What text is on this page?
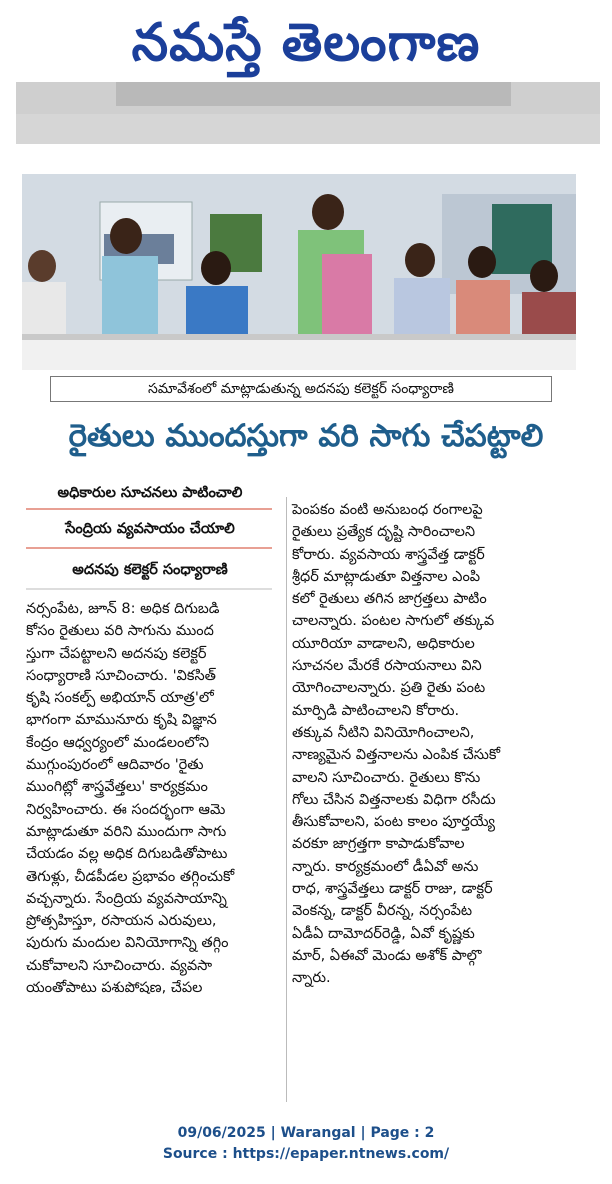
నమస్తే తెలంగాణ
సమావేశంలో మాట్లాడుతున్న అదనపు కలెక్టర్ సంధ్యారాణి
రైతులు ముందస్తుగా వరి సాగు చేపట్టాలి
అధికారుల సూచనలు పాటించాలి
సేంద్రియ వ్యవసాయం చేయాలి
అదనపు కలెక్టర్ సంధ్యారాణి
నర్సంపేట, జూన్ 8: అధిక దిగుబడి
కోసం రైతులు వరి సాగును ముంద
స్తుగా చేపట్టాలని అదనపు కలెక్టర్
సంధ్యారాణి సూచించారు. 'వికసిత్
కృషి సంకల్ప్ అభియాన్ యాత్ర'లో
భాగంగా మామునూరు కృషి విజ్ఞాన
కేంద్రం ఆధ్వర్యంలో మండలంలోని
ముగ్గుంపురంలో ఆదివారం 'రైతు
ముంగిట్లో శాస్త్రవేత్తలు' కార్యక్రమం
నిర్వహించారు. ఈ సందర్భంగా ఆమె
మాట్లాడుతూ వరిని ముందుగా సాగు
చేయడం వల్ల అధిక దిగుబడితోపాటు
తెగుళ్లు, చీడపీడల ప్రభావం తగ్గించుకో
వచ్చన్నారు. సేంద్రియ వ్యవసాయాన్ని
ప్రోత్సహిస్తూ, రసాయన ఎరువులు,
పురుగు మందుల వినియోగాన్ని తగ్గిం
చుకోవాలని సూచించారు. వ్యవసా
యంతోపాటు పశుపోషణ, చేపల
పెంపకం వంటి అనుబంధ రంగాలపై
రైతులు ప్రత్యేక దృష్టి సారించాలని
కోరారు. వ్యవసాయ శాస్త్రవేత్త డాక్టర్
శ్రీధర్ మాట్లాడుతూ విత్తనాల ఎంపి
కలో రైతులు తగిన జాగ్రత్తలు పాటిం
చాలన్నారు. పంటల సాగులో తక్కువ
యూరియా వాడాలని, అధికారుల
సూచనల మేరకే రసాయనాలు విని
యోగించాలన్నారు. ప్రతి రైతు పంట
మార్పిడి పాటించాలని కోరారు.
తక్కువ నీటిని వినియోగించాలని,
నాణ్యమైన విత్తనాలను ఎంపిక చేసుకో
వాలని సూచించారు. రైతులు కొను
గోలు చేసిన విత్తనాలకు విధిగా రసీదు
తీసుకోవాలని, పంట కాలం పూర్తయ్యే
వరకూ జాగ్రత్తగా కాపాడుకోవాల
న్నారు. కార్యక్రమంలో డీఏవో అను
రాధ, శాస్త్రవేత్తలు డాక్టర్ రాజు, డాక్టర్
వెంకన్న, డాక్టర్ వీరన్న, నర్సంపేట
ఏడీఏ దామోదర్‌రెడ్డి, ఏవో కృష్ణకు
మార్, ఏఈవో మెండు అశోక్ పాల్గొ
న్నారు.
09/06/2025 | Warangal | Page : 2
Source : https://epaper.ntnews.com/
